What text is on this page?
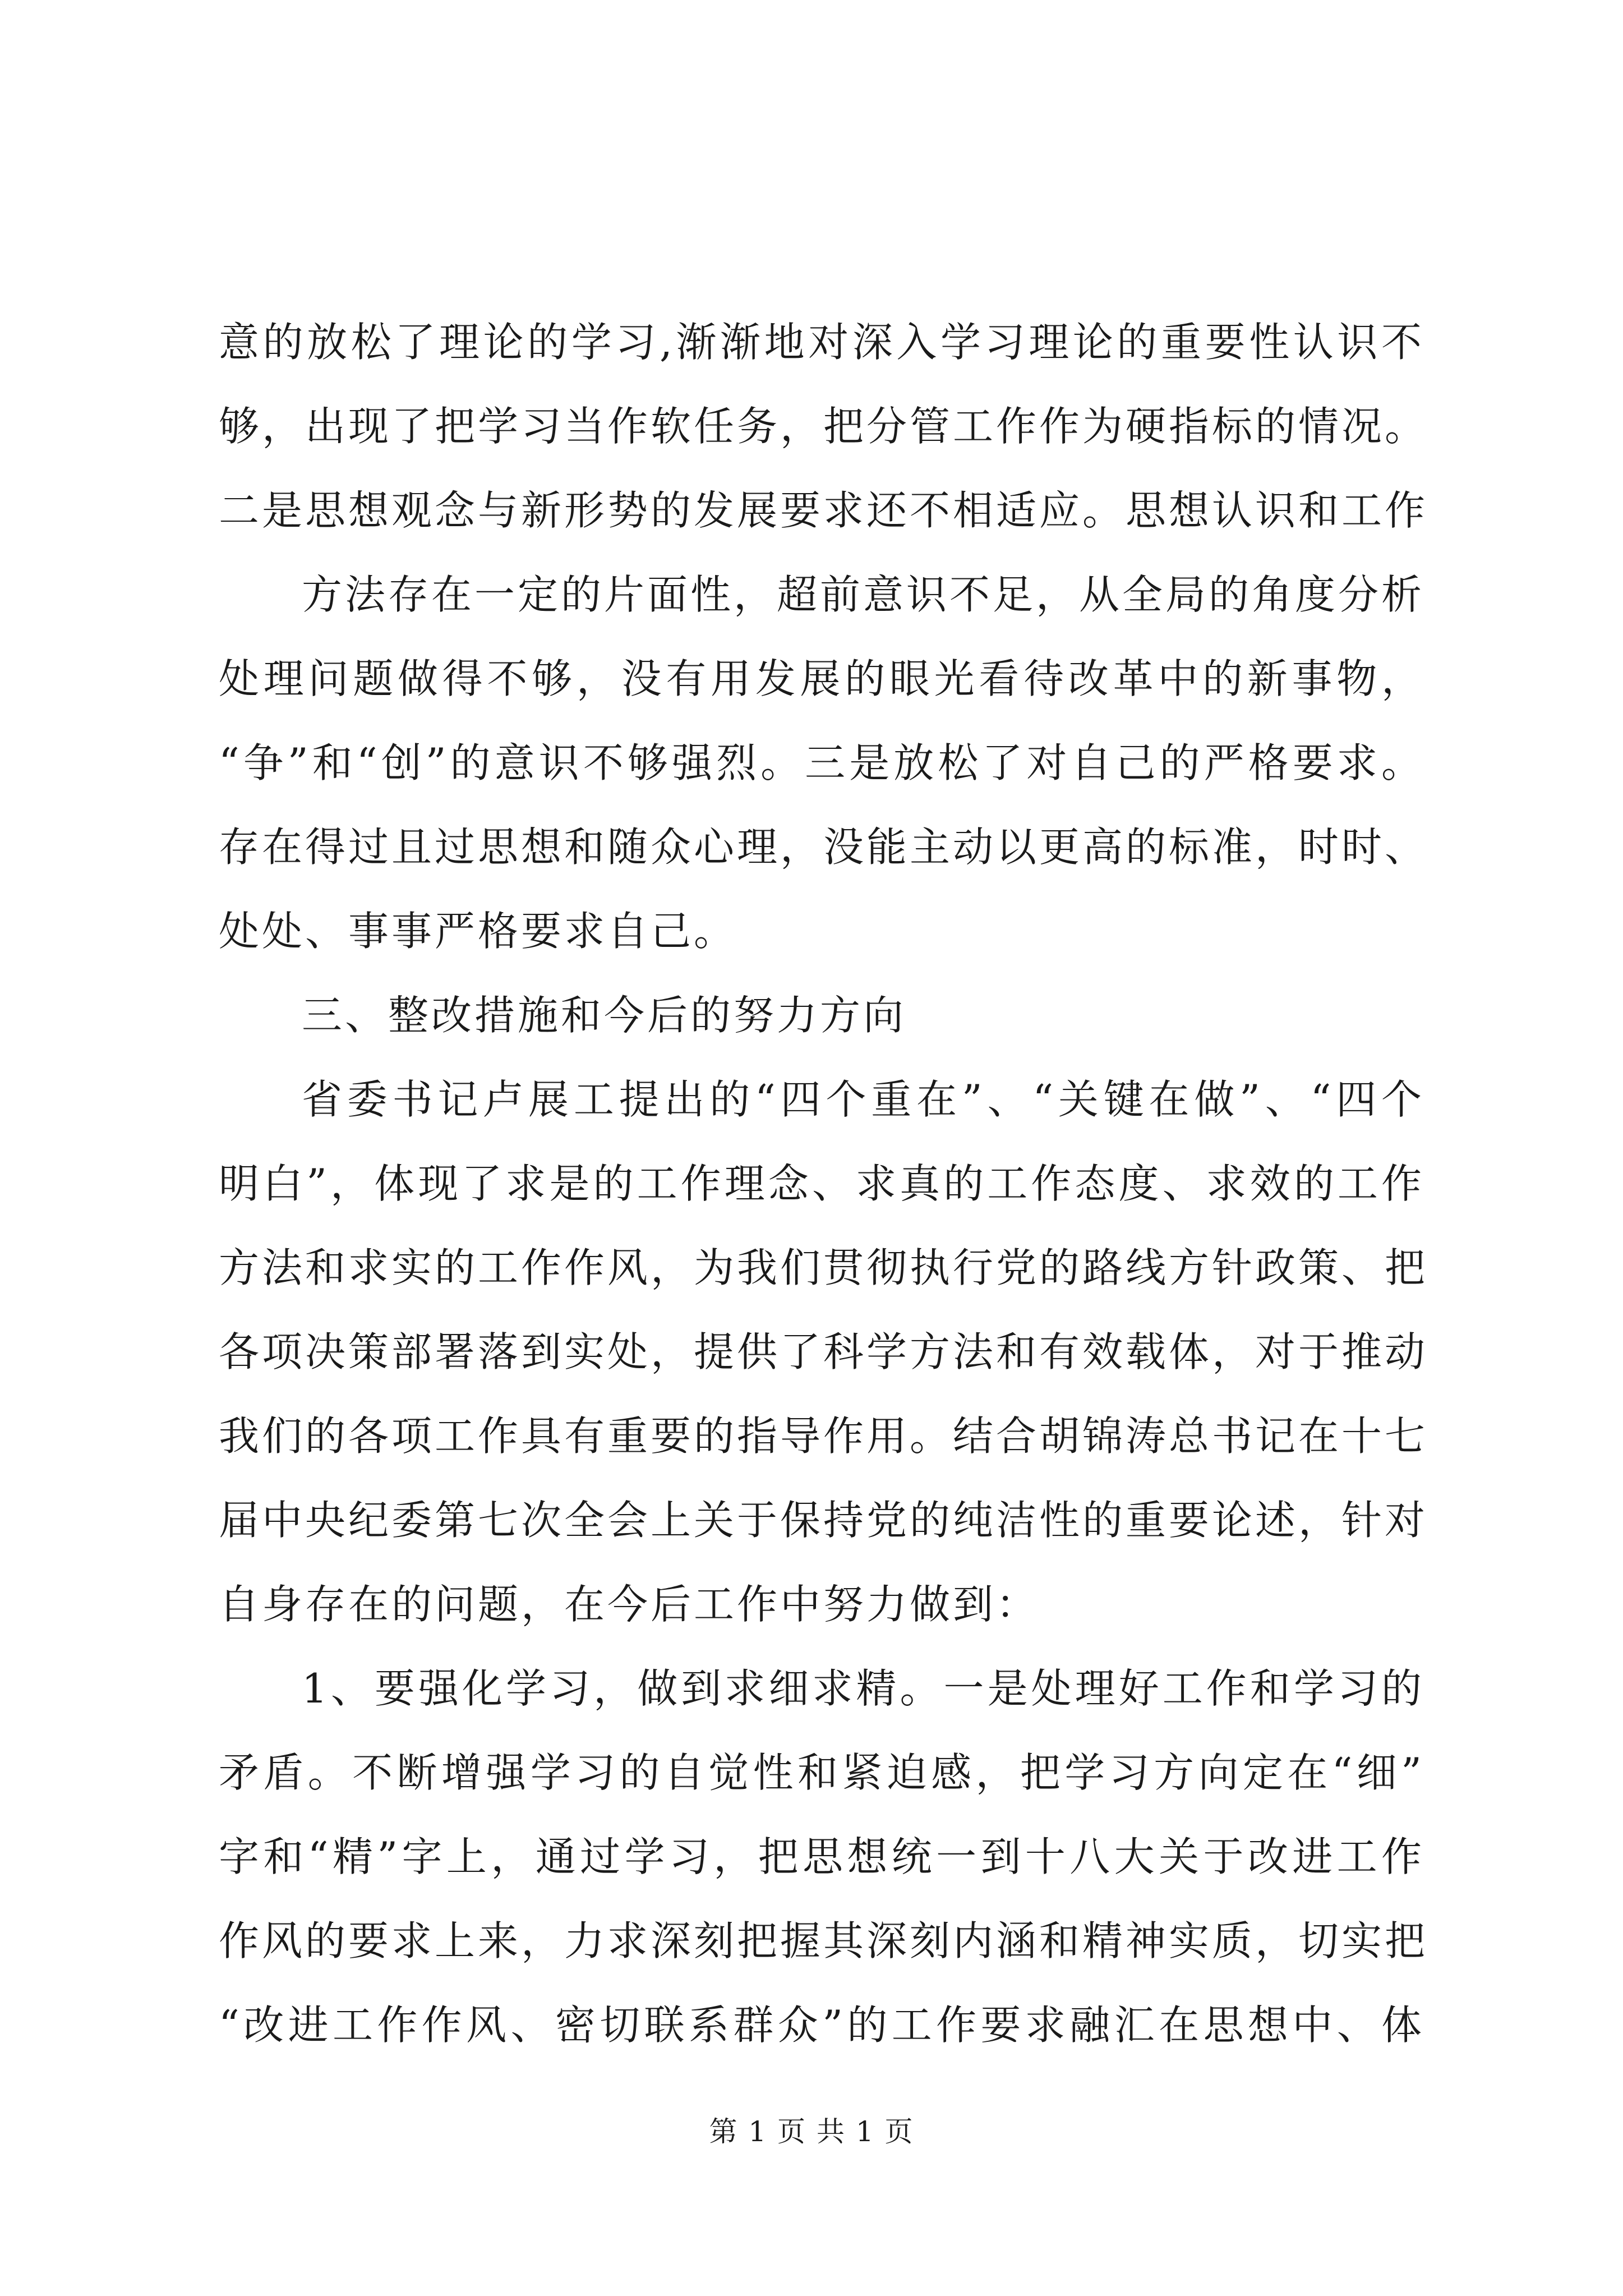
意的放松了理论的学习,渐渐地对深入学习理论的重要性认识不
够，出现了把学习当作软任务，把分管工作作为硬指标的情况。
二是思想观念与新形势的发展要求还不相适应。思想认识和工作
方法存在一定的片面性，超前意识不足，从全局的角度分析
处理问题做得不够，没有用发展的眼光看待改革中的新事物，
“争”和“创”的意识不够强烈。三是放松了对自己的严格要求。
存在得过且过思想和随众心理，没能主动以更高的标准，时时、
处处、事事严格要求自己。
三、整改措施和今后的努力方向
省委书记卢展工提出的“四个重在”、“关键在做”、“四个
明白”，体现了求是的工作理念、求真的工作态度、求效的工作
方法和求实的工作作风，为我们贯彻执行党的路线方针政策、把
各项决策部署落到实处，提供了科学方法和有效载体，对于推动
我们的各项工作具有重要的指导作用。结合胡锦涛总书记在十七
届中央纪委第七次全会上关于保持党的纯洁性的重要论述，针对
自身存在的问题，在今后工作中努力做到：
1、要强化学习，做到求细求精。一是处理好工作和学习的
矛盾。不断增强学习的自觉性和紧迫感，把学习方向定在“细”
字和“精”字上，通过学习，把思想统一到十八大关于改进工作
作风的要求上来，力求深刻把握其深刻内涵和精神实质，切实把
“改进工作作风、密切联系群众”的工作要求融汇在思想中、体
第 1 页 共 1 页
